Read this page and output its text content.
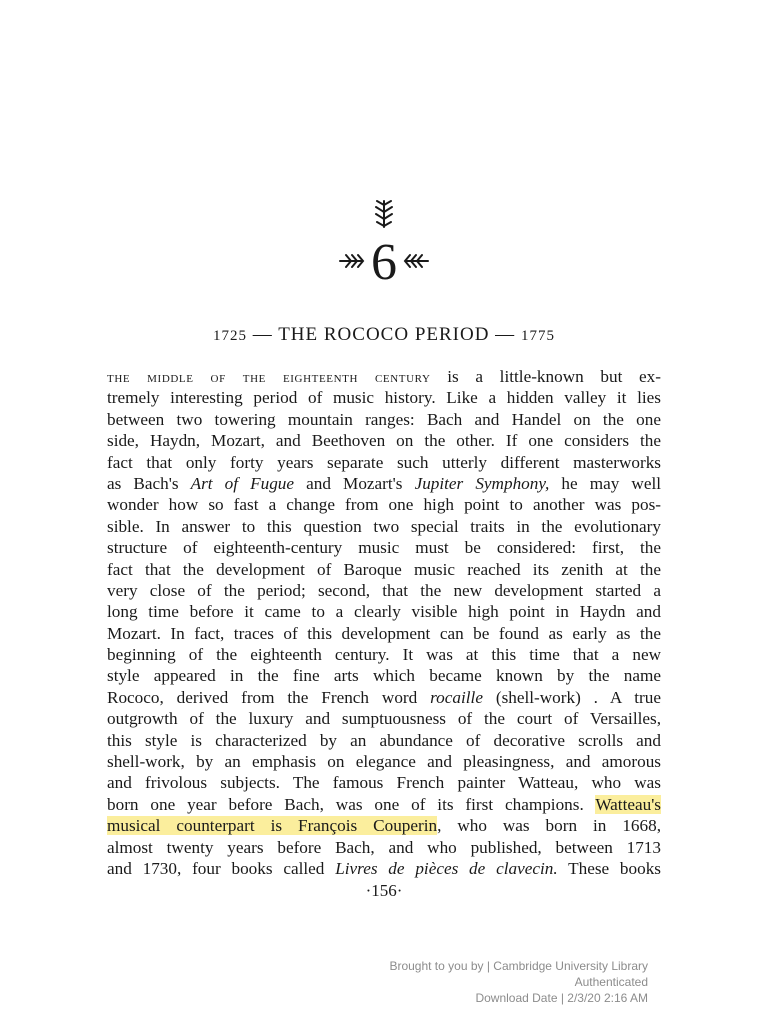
6
1725 — THE ROCOCO PERIOD — 1775
the middle of the eighteenth century is a little-known but ex-
tremely interesting period of music history. Like a hidden valley it lies
between two towering mountain ranges: Bach and Handel on the one
side, Haydn, Mozart, and Beethoven on the other. If one considers the
fact that only forty years separate such utterly different masterworks
as Bach's Art of Fugue and Mozart's Jupiter Symphony, he may well
wonder how so fast a change from one high point to another was pos-
sible. In answer to this question two special traits in the evolutionary
structure of eighteenth-century music must be considered: first, the
fact that the development of Baroque music reached its zenith at the
very close of the period; second, that the new development started a
long time before it came to a clearly visible high point in Haydn and
Mozart. In fact, traces of this development can be found as early as the
beginning of the eighteenth century. It was at this time that a new
style appeared in the fine arts which became known by the name
Rococo, derived from the French word rocaille (shell-work) . A true
outgrowth of the luxury and sumptuousness of the court of Versailles,
this style is characterized by an abundance of decorative scrolls and
shell-work, by an emphasis on elegance and pleasingness, and amorous
and frivolous subjects. The famous French painter Watteau, who was
born one year before Bach, was one of its first champions. Watteau's
musical counterpart is François Couperin, who was born in 1668,
almost twenty years before Bach, and who published, between 1713
and 1730, four books called Livres de pièces de clavecin. These books
·156·
Brought to you by | Cambridge University Library
Authenticated
Download Date | 2/3/20 2:16 AM
